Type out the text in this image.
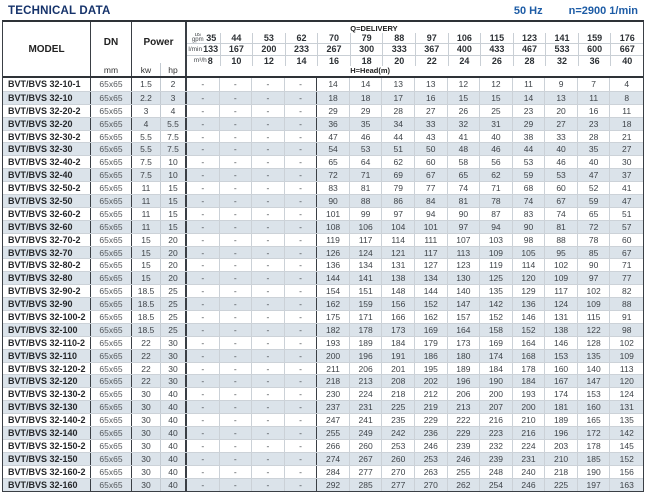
TECHNICAL DATA	50 Hz n=2900 1/min
MODEL
DN
mm
Power
kw	hp
Q=DELIVERY
us gpm 35	44	53	62	70	79	88	97	106	115	123	141	159	176
l/min 133	167	200	233	267	300	333	367	400	433	467	533	600	667
m³/h 8	10	12	14	16	18	20	22	24	26	28	32	36	40
H=Head(m)
BVT/BVS 32-10-1	65x65	1.5	2	-	-	-	-	14	14	13	13	12	12	11	9	7	4
BVT/BVS 32-10	65x65	2.2	3	-	-	-	-	18	18	17	16	15	15	14	13	11	8
BVT/BVS 32-20-2	65x65	3	4	-	-	-	-	29	29	28	27	26	25	23	20	16	11
BVT/BVS 32-20	65x65	4	5.5	-	-	-	-	36	35	34	33	32	31	29	27	23	18
BVT/BVS 32-30-2	65x65	5.5	7.5	-	-	-	-	47	46	44	43	41	40	38	33	28	21
BVT/BVS 32-30	65x65	5.5	7.5	-	-	-	-	54	53	51	50	48	46	44	40	35	27
BVT/BVS 32-40-2	65x65	7.5	10	-	-	-	-	65	64	62	60	58	56	53	46	40	30
BVT/BVS 32-40	65x65	7.5	10	-	-	-	-	72	71	69	67	65	62	59	53	47	37
BVT/BVS 32-50-2	65x65	11	15	-	-	-	-	83	81	79	77	74	71	68	60	52	41
BVT/BVS 32-50	65x65	11	15	-	-	-	-	90	88	86	84	81	78	74	67	59	47
BVT/BVS 32-60-2	65x65	11	15	-	-	-	-	101	99	97	94	90	87	83	74	65	51
BVT/BVS 32-60	65x65	11	15	-	-	-	-	108	106	104	101	97	94	90	81	72	57
BVT/BVS 32-70-2	65x65	15	20	-	-	-	-	119	117	114	111	107	103	98	88	78	60
BVT/BVS 32-70	65x65	15	20	-	-	-	-	126	124	121	117	113	109	105	95	85	67
BVT/BVS 32-80-2	65x65	15	20	-	-	-	-	136	134	131	127	123	119	114	102	90	71
BVT/BVS 32-80	65x65	15	20	-	-	-	-	144	141	138	134	130	125	120	109	97	77
BVT/BVS 32-90-2	65x65	18.5	25	-	-	-	-	154	151	148	144	140	135	129	117	102	82
BVT/BVS 32-90	65x65	18.5	25	-	-	-	-	162	159	156	152	147	142	136	124	109	88
BVT/BVS 32-100-2	65x65	18.5	25	-	-	-	-	175	171	166	162	157	152	146	131	115	91
BVT/BVS 32-100	65x65	18.5	25	-	-	-	-	182	178	173	169	164	158	152	138	122	98
BVT/BVS 32-110-2	65x65	22	30	-	-	-	-	193	189	184	179	173	169	164	146	128	102
BVT/BVS 32-110	65x65	22	30	-	-	-	-	200	196	191	186	180	174	168	153	135	109
BVT/BVS 32-120-2	65x65	22	30	-	-	-	-	211	206	201	195	189	184	178	160	140	113
BVT/BVS 32-120	65x65	22	30	-	-	-	-	218	213	208	202	196	190	184	167	147	120
BVT/BVS 32-130-2	65x65	30	40	-	-	-	-	230	224	218	212	206	200	193	174	153	124
BVT/BVS 32-130	65x65	30	40	-	-	-	-	237	231	225	219	213	207	200	181	160	131
BVT/BVS 32-140-2	65x65	30	40	-	-	-	-	247	241	235	229	222	216	210	189	165	135
BVT/BVS 32-140	65x65	30	40	-	-	-	-	255	249	242	236	229	223	216	196	172	142
BVT/BVS 32-150-2	65x65	30	40	-	-	-	-	266	260	253	246	239	232	224	203	178	145
BVT/BVS 32-150	65x65	30	40	-	-	-	-	274	267	260	253	246	239	231	210	185	152
BVT/BVS 32-160-2	65x65	30	40	-	-	-	-	284	277	270	263	255	248	240	218	190	156
BVT/BVS 32-160	65x65	30	40	-	-	-	-	292	285	277	270	262	254	246	225	197	163
